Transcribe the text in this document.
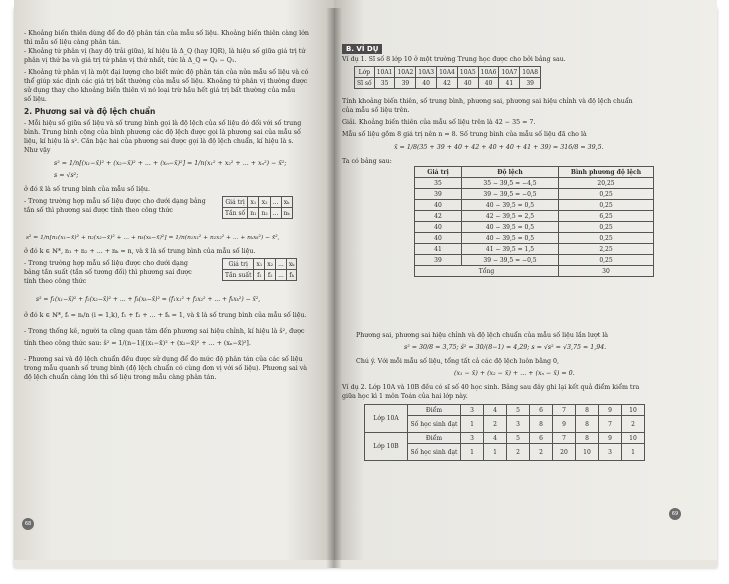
- Khoảng biến thiên dùng để đo độ phân tán của mẫu số liệu. Khoảng biến thiên càng lớn
thì mẫu số liệu càng phân tán.
- Khoảng tứ phân vị (hay độ trải giữa), kí hiệu là Δ_Q (hay IQR), là hiệu số giữa giá trị tứ
phân vị thứ ba và giá trị tứ phân vị thứ nhất, tức là Δ_Q = Q₃ − Q₁.
- Khoảng tứ phân vị là một đại lượng cho biết mức độ phân tán của nửa mẫu số liệu và có
thể giúp xác định các giá trị bất thường của mẫu số liệu. Khoảng tứ phân vị thường được
sử dụng thay cho khoảng biến thiên vì nó loại trừ hầu hết giá trị bất thường của mẫu
số liệu.
2. Phương sai và độ lệch chuẩn
- Mỗi hiệu số giữa số liệu và số trung bình gọi là độ lệch của số liệu đó đối với số trung
bình. Trung bình cộng của bình phương các độ lệch được gọi là phương sai của mẫu số
liệu, kí hiệu là s². Căn bậc hai của phương sai được gọi là độ lệch chuẩn, kí hiệu là s.
Như vậy
s² = 1/n[(x₁−x̄)² + (x₂−x̄)² + ... + (xₙ−x̄)²] = 1/n(x₁² + x₂² + ... + xₙ²) − x̄²;
s = √s²;
ở đó x̄ là số trung bình của mẫu số liệu.
- Trong trường hợp mẫu số liệu được cho dưới dạng bảng
tần số thì phương sai được tính theo công thức
Giá trị	x₁	x₂	...	xₖ
Tần số	n₁	n₂	...	nₖ
s² = 1/n[n₁(x₁−x̄)² + n₂(x₂−x̄)² + ... + nₖ(xₖ−x̄)²] = 1/n(n₁x₁² + n₂x₂² + ... + nₖxₖ²) − x̄²,
ở đó k ∈ ℕ*, n₁ + n₂ + ... + nₖ = n, và x̄ là số trung bình của mẫu số liệu.
- Trong trường hợp mẫu số liệu được cho dưới dạng
bảng tần suất (tần số tương đối) thì phương sai được
tính theo công thức
Giá trị	x₁	x₂	...	xₖ
Tần suất	f₁	f₂	...	fₖ
s² = f₁(x₁−x̄)² + f₂(x₂−x̄)² + ... + fₖ(xₖ−x̄)² = (f₁x₁² + f₂x₂² + ... + fₖxₖ²) − x̄²,
ở đó k ∈ ℕ*, fᵢ = nᵢ/n (i = 1,k), f₁ + f₂ + ... + fₖ = 1, và x̄ là số trung bình của mẫu số liệu.
- Trong thống kê, người ta cũng quan tâm đến phương sai hiệu chỉnh, kí hiệu là ŝ², được
tính theo công thức sau: ŝ² = 1/(n−1)[(x₁−x̄)² + (x₂−x̄)² + ... + (xₙ−x̄)²].
- Phương sai và độ lệch chuẩn đều được sử dụng để đo mức độ phân tán của các số liệu
trong mẫu quanh số trung bình (độ lệch chuẩn có cùng đơn vị với số liệu). Phương sai và
độ lệch chuẩn càng lớn thì số liệu trong mẫu càng phân tán.
68
B. VÍ DỤ
Ví dụ 1. Sĩ số 8 lớp 10 ở một trường Trung học được cho bởi bảng sau.
Lớp	10A1	10A2	10A3	10A4	10A5	10A6	10A7	10A8
Sĩ số	35	39	40	42	40	40	41	39
Tính khoảng biến thiên, số trung bình, phương sai, phương sai hiệu chỉnh và độ lệch chuẩn
của mẫu số liệu trên.
Giải. Khoảng biến thiên của mẫu số liệu trên là 42 − 35 = 7.
Mẫu số liệu gồm 8 giá trị nên n = 8. Số trung bình của mẫu số liệu đã cho là
x̄ = 1/8(35 + 39 + 40 + 42 + 40 + 40 + 41 + 39) = 316/8 = 39,5.
Ta có bảng sau:
Giá trị	Độ lệch	Bình phương độ lệch
35	35 − 39,5 = −4,5	20,25
39	39 − 39,5 = −0,5	0,25
40	40 − 39,5 = 0,5	0,25
42	42 − 39,5 = 2,5	6,25
40	40 − 39,5 = 0,5	0,25
40	40 − 39,5 = 0,5	0,25
41	41 − 39,5 = 1,5	2,25
39	39 − 39,5 = −0,5	0,25
Tổng		30
Phương sai, phương sai hiệu chỉnh và độ lệch chuẩn của mẫu số liệu lần lượt là
s² = 30/8 = 3,75; ŝ² = 30/(8−1) ≈ 4,29; s = √s² = √3,75 ≈ 1,94.
Chú ý. Với mỗi mẫu số liệu, tổng tất cả các độ lệch luôn bằng 0,
(x₁ − x̄) + (x₂ − x̄) + ... + (xₙ − x̄) = 0.
Ví dụ 2. Lớp 10A và 10B đều có sĩ số 40 học sinh. Bảng sau đây ghi lại kết quả điểm kiểm tra
giữa học kì 1 môn Toán của hai lớp này.
Lớp 10A	Điểm	3	4	5	6	7	8	9	10
	Số học sinh đạt	1	2	3	8	9	8	7	2
Lớp 10B	Điểm	3	4	5	6	7	8	9	10
	Số học sinh đạt	1	1	2	2	20	10	3	1
69
